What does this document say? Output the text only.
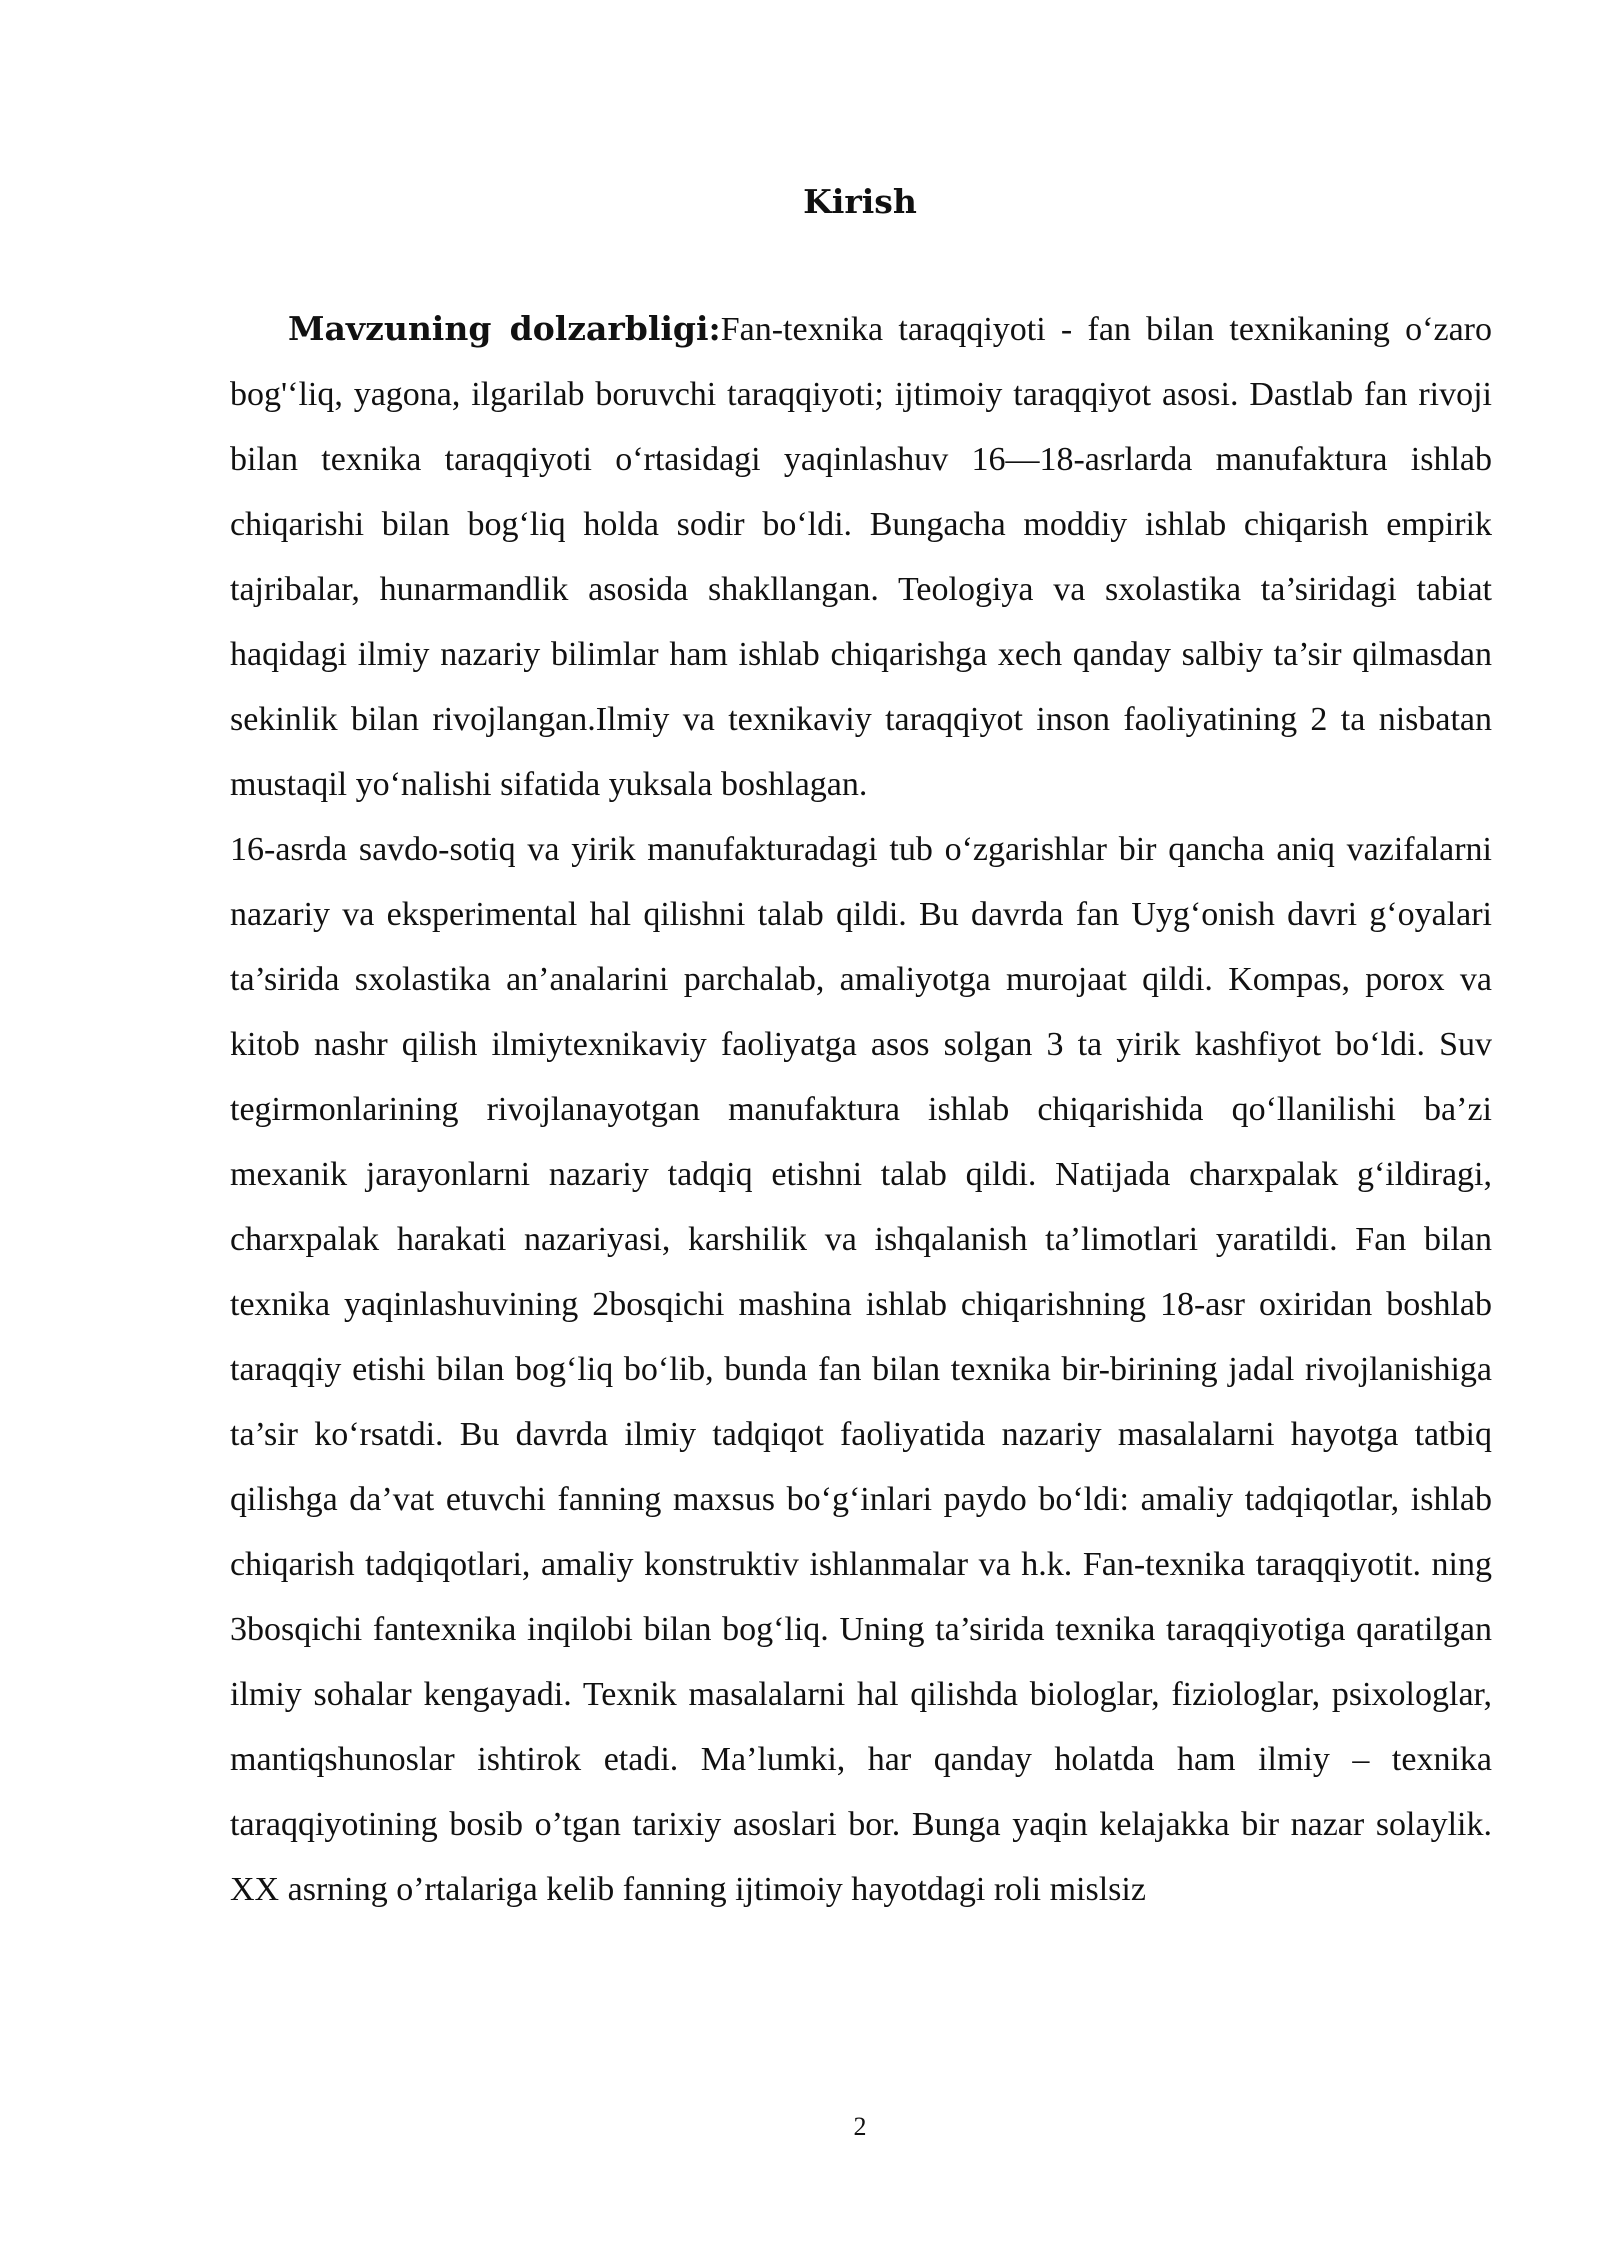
Kirish

Mavzuning dolzarbligi:Fan-texnika taraqqiyoti - fan bilan texnikaning o‘zaro bog'‘liq, yagona, ilgarilab boruvchi taraqqiyoti; ijtimoiy taraqqiyot asosi. Dastlab fan rivoji bilan texnika taraqqiyoti o‘rtasidagi yaqinlashuv 16—18-asrlarda manufaktura ishlab chiqarishi bilan bog‘liq holda sodir bo‘ldi. Bungacha moddiy ishlab chiqarish empirik tajribalar, hunarmandlik asosida shakllangan. Teologiya va sxolastika ta’siridagi tabiat haqidagi ilmiy nazariy bilimlar ham ishlab chiqarishga xech qanday salbiy ta’sir qilmasdan sekinlik bilan rivojlangan.Ilmiy va texnikaviy taraqqiyot inson faoliyatining 2 ta nisbatan mustaqil yo‘nalishi sifatida yuksala boshlagan.

16-asrda savdo-sotiq va yirik manufakturadagi tub o‘zgarishlar bir qancha aniq vazifalarni nazariy va eksperimental hal qilishni talab qildi. Bu davrda fan Uyg‘onish davri g‘oyalari ta’sirida sxolastika an’analarini parchalab, amaliyotga murojaat qildi. Kompas, porox va kitob nashr qilish ilmiytexnikaviy faoliyatga asos solgan 3 ta yirik kashfiyot bo‘ldi. Suv tegirmonlarining rivojlanayotgan manufaktura ishlab chiqarishida qo‘llanilishi ba’zi mexanik jarayonlarni nazariy tadqiq etishni talab qildi. Natijada charxpalak g‘ildiragi, charxpalak harakati nazariyasi, karshilik va ishqalanish ta’limotlari yaratildi. Fan bilan texnika yaqinlashuvining 2bosqichi mashina ishlab chiqarishning 18-asr oxiridan boshlab taraqqiy etishi bilan bog‘liq bo‘lib, bunda fan bilan texnika bir-birining jadal rivojlanishiga ta’sir ko‘rsatdi. Bu davrda ilmiy tadqiqot faoliyatida nazariy masalalarni hayotga tatbiq qilishga da’vat etuvchi fanning maxsus bo‘g‘inlari paydo bo‘ldi: amaliy tadqiqotlar, ishlab chiqarish tadqiqotlari, amaliy konstruktiv ishlanmalar va h.k. Fan-texnika taraqqiyotit. ning 3bosqichi fantexnika inqilobi bilan bog‘liq. Uning ta’sirida texnika taraqqiyotiga qaratilgan ilmiy sohalar kengayadi. Texnik masalalarni hal qilishda biologlar, fiziologlar, psixologlar, mantiqshunoslar ishtirok etadi. Ma’lumki, har qanday holatda ham ilmiy – texnika taraqqiyotining bosib o’tgan tarixiy asoslari bor. Bunga yaqin kelajakka bir nazar solaylik. XX asrning o’rtalariga kelib fanning ijtimoiy hayotdagi roli mislsiz

2
